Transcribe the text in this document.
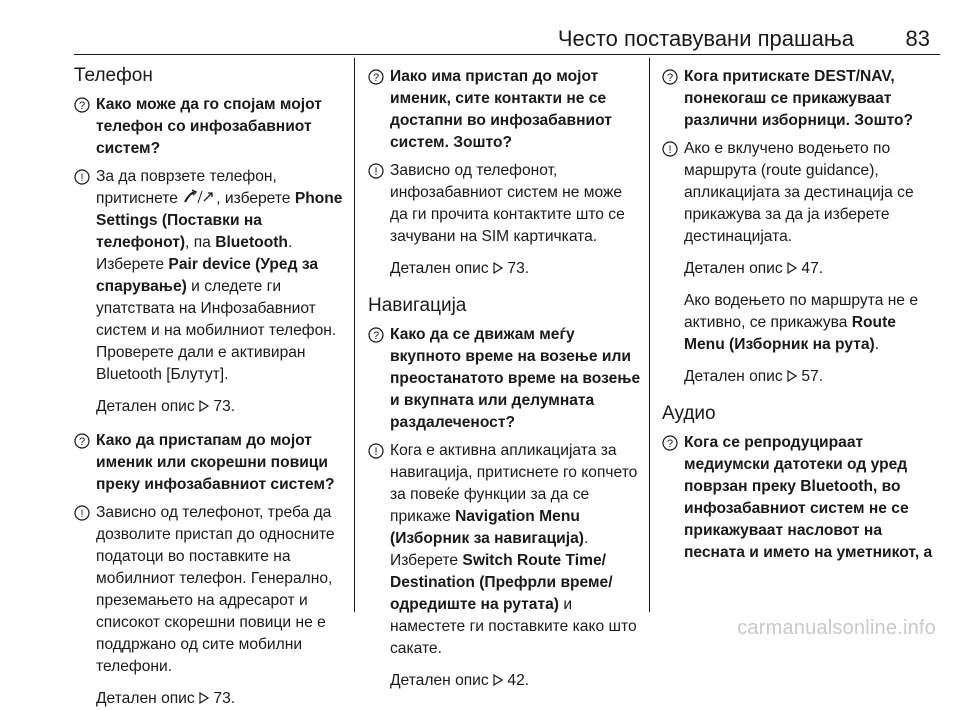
Често поставувани прашања 83
Телефон
? Како може да го спојам мојот телефон со инфозабавниот систем?
! За да поврзете телефон, притиснете , изберете Phone Settings (Поставки на телефонот), па Bluetooth.
Изберете Pair device (Уред за спарување) и следете ги упатствата на Инфозабавниот систем и на мобилниот телефон. Проверете дали е активиран Bluetooth [Блутут].
Детален опис 73.
? Како да пристапам до мојот именик или скорешни повици преку инфозабавниот систем?
! Зависно од телефонот, треба да дозволите пристап до односните податоци во поставките на мобилниот телефон. Генерално, преземањето на адресарот и списокот скорешни повици не е поддржано од сите мобилни телефони.
Детален опис 73.
? Иако има пристап до мојот именик, сите контакти не се достапни во инфозабавниот систем. Зошто?
! Зависно од телефонот, инфозабавниот систем не може да ги прочита контактите што се зачувани на SIM картичката.
Детален опис 73.
Навигација
? Како да се движам меѓу вкупното време на возење или преостанатото време на возење и вкупната или делумната раздалеченост?
! Кога е активна апликацијата за навигација, притиснете го копчето за повеќе функции за да се прикаже Navigation Menu (Изборник за навигација).
Изберете Switch Route Time/ Destination (Префрли време/ одредиште на рутата) и наместете ги поставките како што сакате.
Детален опис 42.
? Кога притискате DEST/NAV, понекогаш се прикажуваат различни изборници. Зошто?
! Ако е вклучено водењето по маршрута (route guidance), апликацијата за дестинација се прикажува за да ја изберете дестинацијата.
Детален опис 47.
Ако водењето по маршрута не е активно, се прикажува Route Menu (Изборник на рута).
Детален опис 57.
Аудио
? Кога се репродуцираат медиумски датотеки од уред поврзан преку Bluetooth, во инфозабавниот систем не се прикажуваат насловот на песната и името на уметникот, а
carmanualsonline.info
